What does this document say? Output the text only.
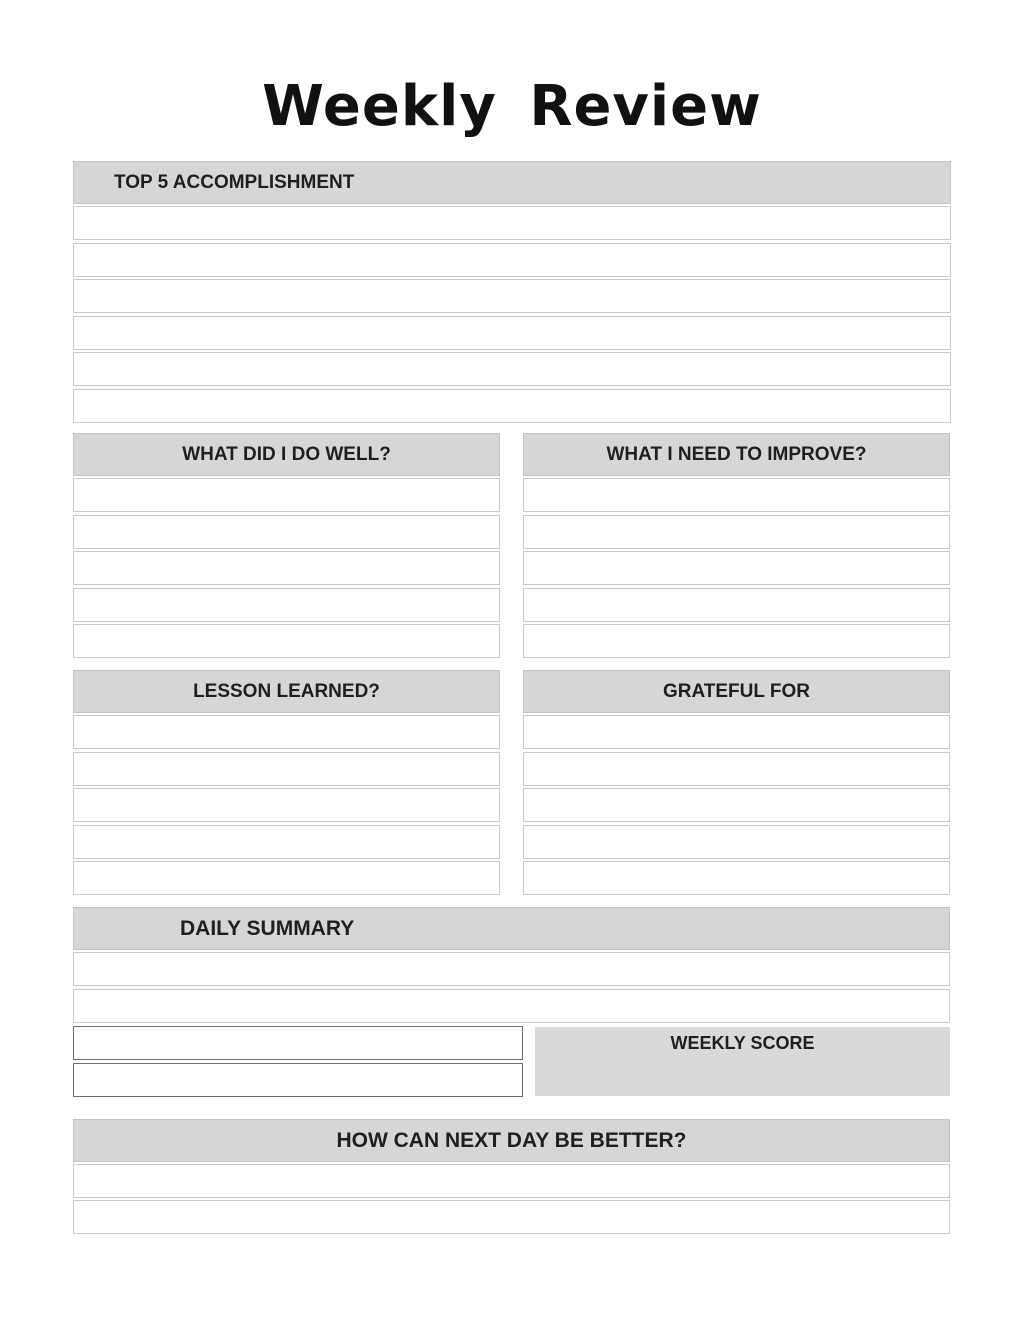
Weekly Review
TOP 5 ACCOMPLISHMENT
WHAT DID I DO WELL?	WHAT I NEED TO IMPROVE?
LESSON LEARNED?	GRATEFUL FOR
DAILY SUMMARY
WEEKLY SCORE
HOW CAN NEXT DAY BE BETTER?
